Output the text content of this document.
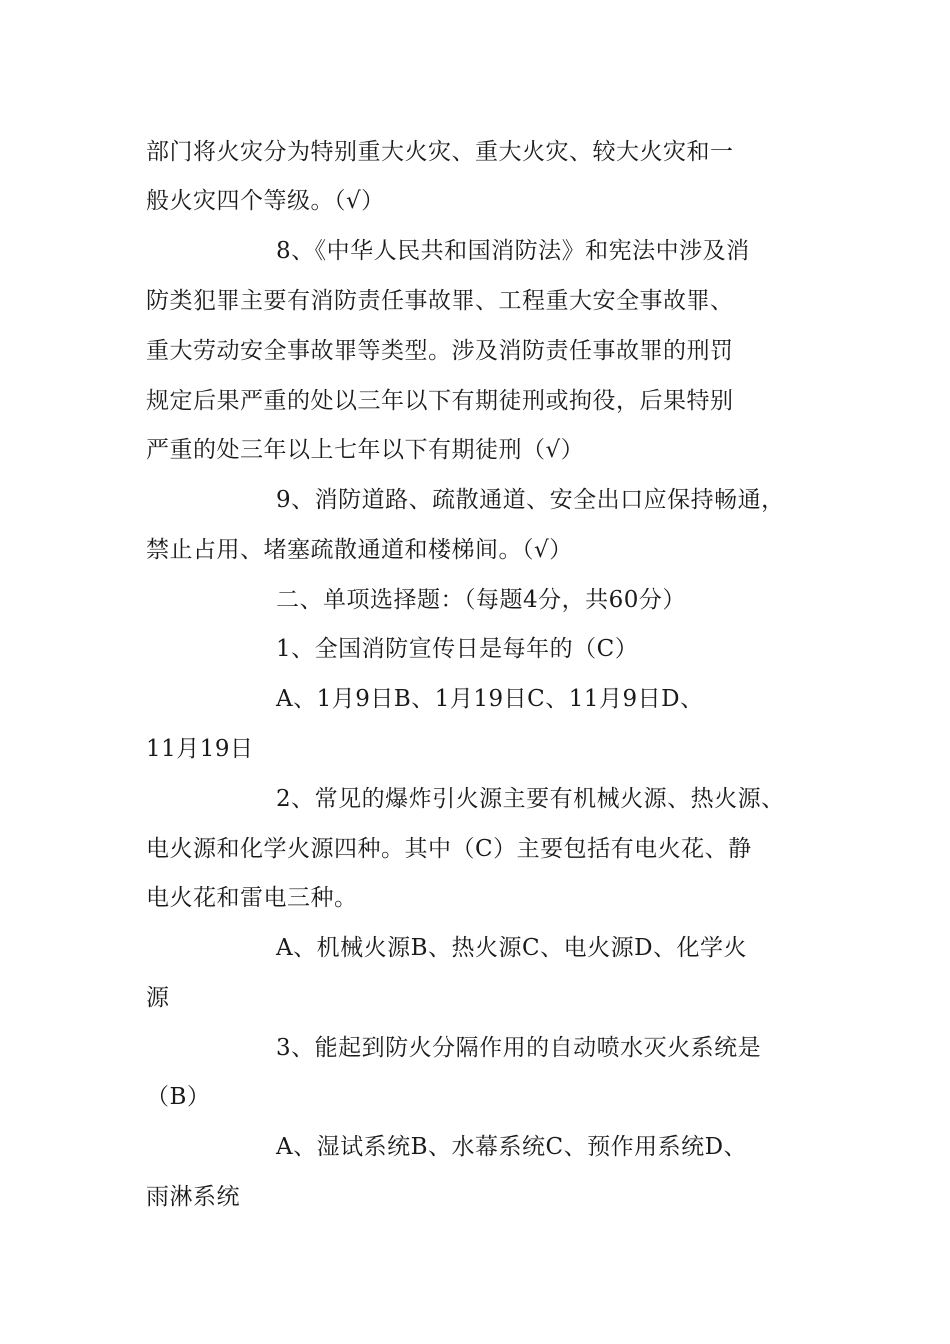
部门将火灾分为特别重大火灾、重大火灾、较大火灾和一
般火灾四个等级。（√）
8、《中华人民共和国消防法》和宪法中涉及消
防类犯罪主要有消防责任事故罪、工程重大安全事故罪、
重大劳动安全事故罪等类型。涉及消防责任事故罪的刑罚
规定后果严重的处以三年以下有期徒刑或拘役，后果特别
严重的处三年以上七年以下有期徒刑（√）
9、消防道路、疏散通道、安全出口应保持畅通，
禁止占用、堵塞疏散通道和楼梯间。（√）
二、单项选择题：（每题4分，共60分）
1、全国消防宣传日是每年的（C）
A、1月9日B、1月19日C、11月9日D、
11月19日
2、常见的爆炸引火源主要有机械火源、热火源、
电火源和化学火源四种。其中（C）主要包括有电火花、静
电火花和雷电三种。
A、机械火源B、热火源C、电火源D、化学火
源
3、能起到防火分隔作用的自动喷水灭火系统是
（B）
A、湿试系统B、水幕系统C、预作用系统D、
雨淋系统
